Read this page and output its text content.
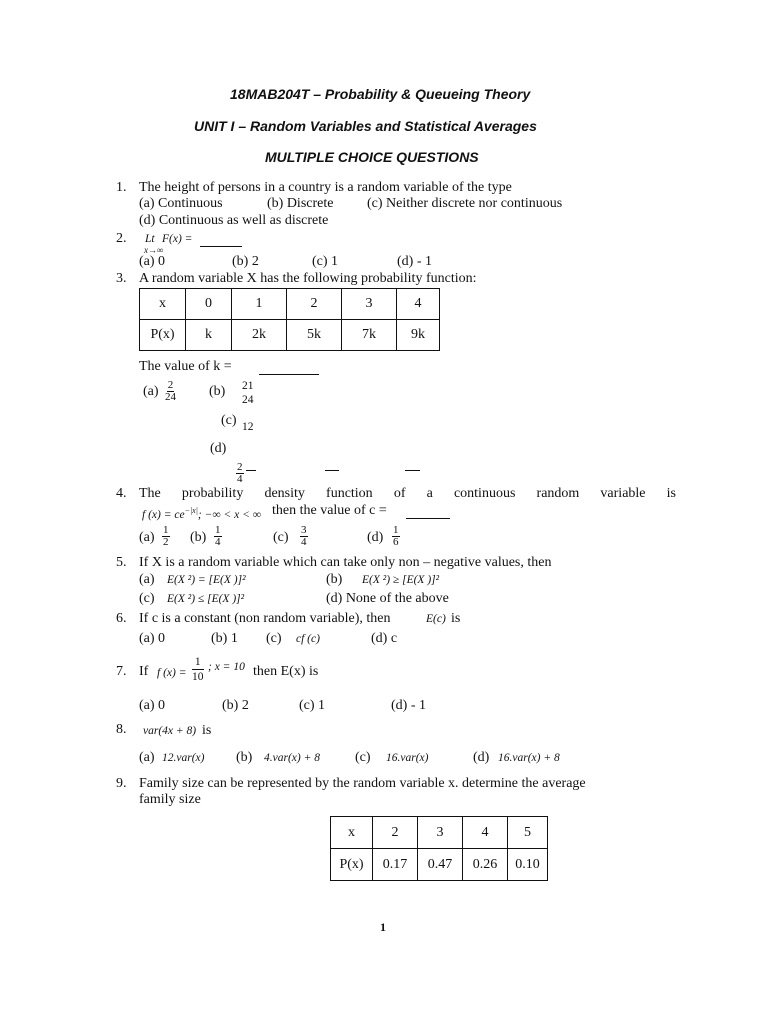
18MAB204T – Probability & Queueing Theory
UNIT I – Random Variables and Statistical Averages
MULTIPLE CHOICE QUESTIONS
1. The height of persons in a country is a random variable of the type
(a) Continuous	(b) Discrete (c) Neither discrete nor continuous
(d) Continuous as well as discrete
2. Lt
x→∞
F(x) =
(a) 0	(b) 2	(c) 1	(d) - 1
3. A random variable X has the following probability function:
x	0	1	2	3	4
P(x)	k	2k	5k	7k	9k
The value of k =
$(a) \frac{2}{24} (b)$ 21
24
(c) 12
(d)
$\frac{2}{4}$
4. The probability density function of a continuous random variable is
f $(x) = ce^{-|x|}$; −∞ < x < ∞ then the value of c =
$(a) \frac{1}{2} (b) \frac{1}{4}$	$(c) \frac{3}{4}$	$(d) \frac{1}{6}$
5. If X is a random variable which can take only non – negative values, then
(a) E(X ²) = [E(X )]²	(b) E(X ²) ≥ [E(X )]²
(c) E(X ²) ≤ [E(X )]²	(d) None of the above
6. If c is a constant (non random variable), then	E(c) is
(a) 0	(b) 1 (c) cf (c)	(d) c
7. If f $(x) = \frac{1}{10}$ ; x = 10 then E(x) is
(a) 0	(b) 2	(c) 1	(d) - 1
8. var(4x + 8) is
(a) 12.var(x) (b) 4.var(x) + 8	(c) 16.var(x)	(d) 16.var(x) + 8
9. Family size can be represented by the random variable x. determine the average
family size
x	2	3	4	5
P(x)	0.17	0.47	0.26	0.10
1
